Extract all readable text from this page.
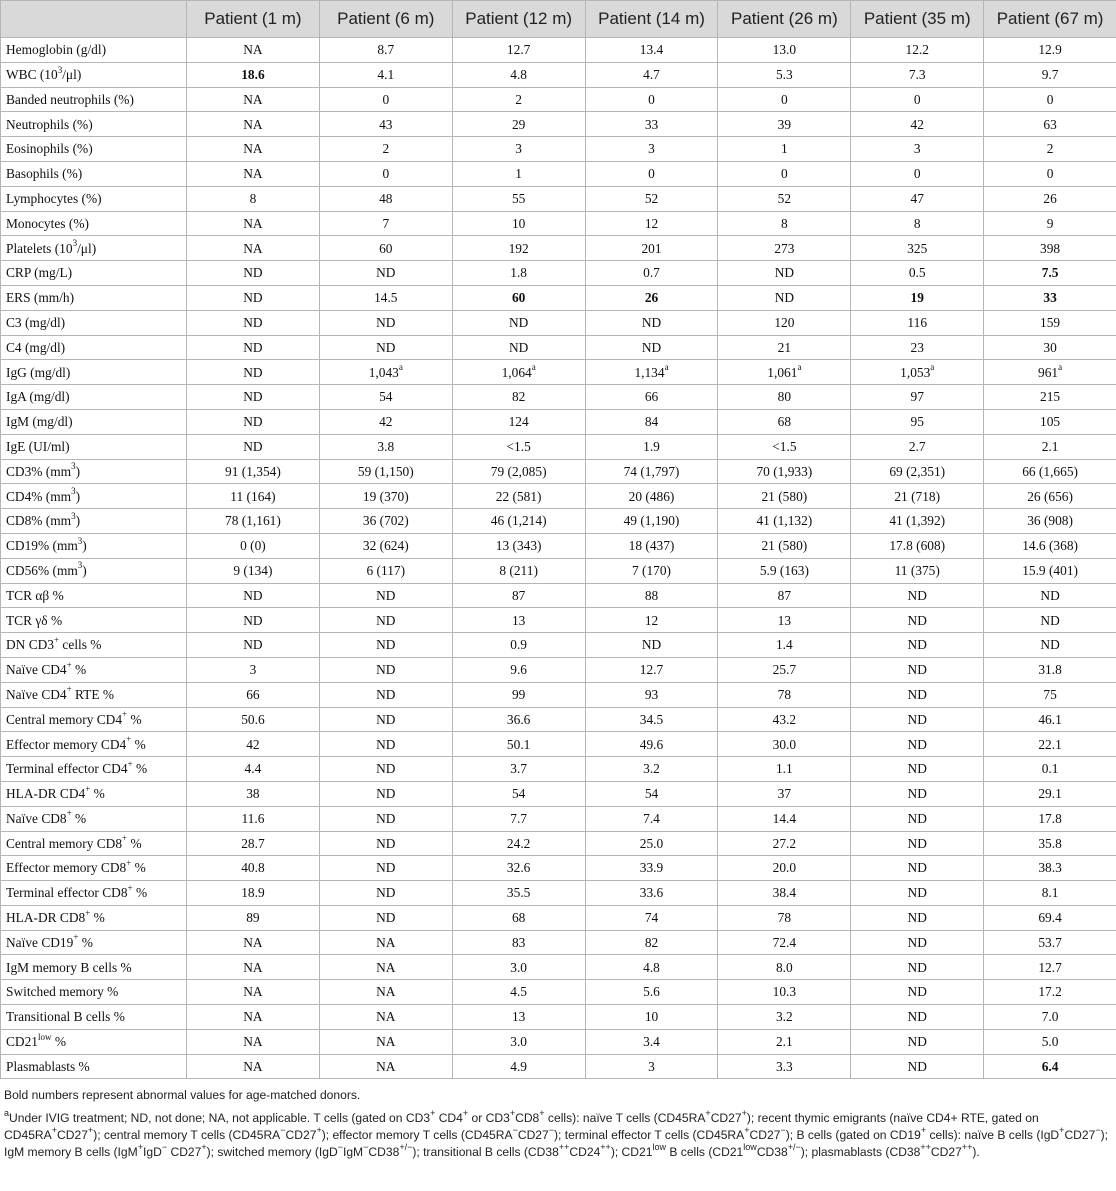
	Patient (1 m)	Patient (6 m)	Patient (12 m)	Patient (14 m)	Patient (26 m)	Patient (35 m)	Patient (67 m)
Hemoglobin (g/dl)	NA	8.7	12.7	13.4	13.0	12.2	12.9
WBC $(10^3/\mu l)$	18.6	4.1	4.8	4.7	5.3	7.3	9.7
Banded neutrophils (%)	NA	0	2	0	0	0	0
Neutrophils (%)	NA	43	29	33	39	42	63
Eosinophils (%)	NA	2	3	3	1	3	2
Basophils (%)	NA	0	1	0	0	0	0
Lymphocytes (%)	8	48	55	52	52	47	26
Monocytes (%)	NA	7	10	12	8	8	9
Platelets $(10^3/\mu l)$	NA	60	192	201	273	325	398
CRP (mg/L)	ND	ND	1.8	0.7	ND	0.5	7.5
ERS (mm/h)	ND	14.5	60	26	ND	19	33
C3 (mg/dl)	ND	ND	ND	ND	120	116	159
C4 (mg/dl)	ND	ND	ND	ND	21	23	30
IgG (mg/dl)	ND	1,043$^a$	1,064$^a$	1,134$^a$	1,061$^a$	1,053$^a$	961$^a$
IgA (mg/dl)	ND	54	82	66	80	97	215
IgM (mg/dl)	ND	42	124	84	68	95	105
IgE (UI/ml)	ND	3.8	<1.5	1.9	<1.5	2.7	2.1
CD3% $(mm^3)$	91 (1,354)	59 (1,150)	79 (2,085)	74 (1,797)	70 (1,933)	69 (2,351)	66 (1,665)
CD4% $(mm^3)$	11 (164)	19 (370)	22 (581)	20 (486)	21 (580)	21 (718)	26 (656)
CD8% $(mm^3)$	78 (1,161)	36 (702)	46 (1,214)	49 (1,190)	41 (1,132)	41 (1,392)	36 (908)
CD19% $(mm^3)$	0 (0)	32 (624)	13 (343)	18 (437)	21 (580)	17.8 (608)	14.6 (368)
CD56% $(mm^3)$	9 (134)	6 (117)	8 (211)	7 (170)	5.9 (163)	11 (375)	15.9 (401)
TCR αβ %	ND	ND	87	88	87	ND	ND
TCR γδ %	ND	ND	13	12	13	ND	ND
DN CD3+ cells %	ND	ND	0.9	ND	1.4	ND	ND
Naïve CD4+ %	3	ND	9.6	12.7	25.7	ND	31.8
Naïve CD4+ RTE %	66	ND	99	93	78	ND	75
Central memory CD4+ %	50.6	ND	36.6	34.5	43.2	ND	46.1
Effector memory CD4+ %	42	ND	50.1	49.6	30.0	ND	22.1
Terminal effector CD4+ %	4.4	ND	3.7	3.2	1.1	ND	0.1
HLA-DR CD4+ %	38	ND	54	54	37	ND	29.1
Naïve CD8+ %	11.6	ND	7.7	7.4	14.4	ND	17.8
Central memory CD8+ %	28.7	ND	24.2	25.0	27.2	ND	35.8
Effector memory CD8+ %	40.8	ND	32.6	33.9	20.0	ND	38.3
Terminal effector CD8+ %	18.9	ND	35.5	33.6	38.4	ND	8.1
HLA-DR CD8+ %	89	ND	68	74	78	ND	69.4
Naïve CD19+ %	NA	NA	83	82	72.4	ND	53.7
IgM memory B cells %	NA	NA	3.0	4.8	8.0	ND	12.7
Switched memory %	NA	NA	4.5	5.6	10.3	ND	17.2
Transitional B cells %	NA	NA	13	10	3.2	ND	7.0
$CD21^{low}$ %	NA	NA	3.0	3.4	2.1	ND	5.0
Plasmablasts %	NA	NA	4.9	3	3.3	ND	6.4

Bold numbers represent abnormal values for age-matched donors.

$^a$Under IVIG treatment; ND, not done; NA, not applicable. T cells (gated on CD3+ CD4+ or CD3+CD8+ cells): naïve T cells (CD45RA+CD27+); recent thymic emigrants (naïve CD4+ RTE, gated on CD45RA+CD27+); central memory T cells (CD45RA−CD27+); effector memory T cells (CD45RA−CD27−); terminal effector T cells (CD45RA+CD27−); B cells (gated on CD19+ cells): naïve B cells (IgD+CD27−); IgM memory B cells (IgM+IgD− CD27+); switched memory (IgD−IgM−CD38+/−); transitional B cells (CD38++CD24++); $CD21^{low}$ B cells $(CD21^{low}CD38^{+/-})$; plasmablasts (CD38++CD27++).
